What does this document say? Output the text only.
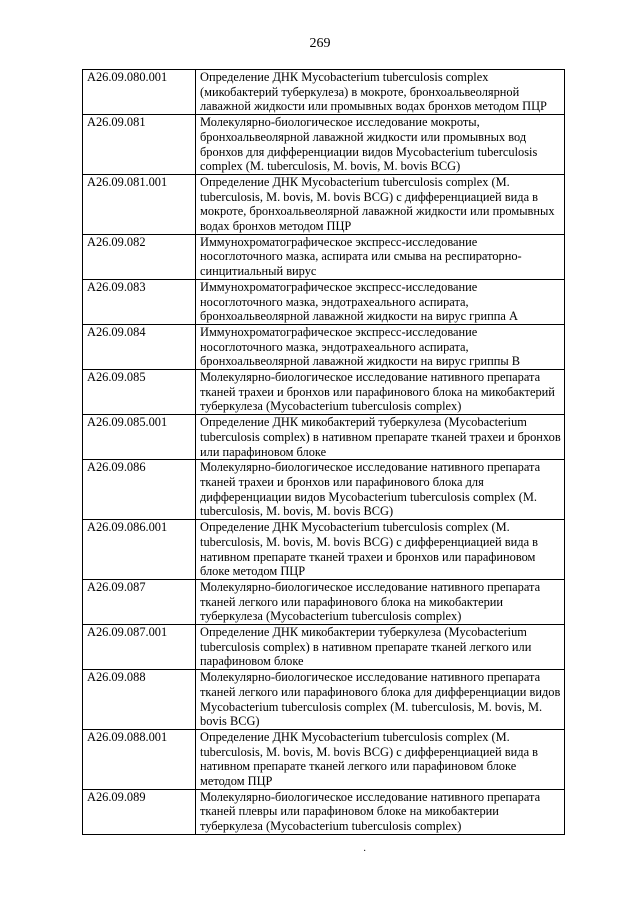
269
A26.09.080.001	Определение ДНК Mycobacterium tuberculosis complex (микобактерий туберкулеза) в мокроте, бронхоальвеолярной лаважной жидкости или промывных водах бронхов методом ПЦР
A26.09.081	Молекулярно-биологическое исследование мокроты, бронхоальвеолярной лаважной жидкости или промывных вод бронхов для дифференциации видов Mycobacterium tuberculosis complex (M. tuberculosis, M. bovis, M. bovis BCG)
A26.09.081.001	Определение ДНК Mycobacterium tuberculosis complex (M. tuberculosis, M. bovis, M. bovis BCG) с дифференциацией вида в мокроте, бронхоальвеолярной лаважной жидкости или промывных водах бронхов методом ПЦР
A26.09.082	Иммунохроматографическое экспресс-исследование носоглоточного мазка, аспирата или смыва на респираторно-синцитиальный вирус
A26.09.083	Иммунохроматографическое экспресс-исследование носоглоточного мазка, эндотрахеального аспирата, бронхоальвеолярной лаважной жидкости на вирус гриппа A
A26.09.084	Иммунохроматографическое экспресс-исследование носоглоточного мазка, эндотрахеального аспирата, бронхоальвеолярной лаважной жидкости на вирус гриппы B
A26.09.085	Молекулярно-биологическое исследование нативного препарата тканей трахеи и бронхов или парафинового блока на микобактерий туберкулеза (Mycobacterium tuberculosis complex)
A26.09.085.001	Определение ДНК микобактерий туберкулеза (Mycobacterium tuberculosis complex) в нативном препарате тканей трахеи и бронхов или парафиновом блоке
A26.09.086	Молекулярно-биологическое исследование нативного препарата тканей трахеи и бронхов или парафинового блока для дифференциации видов Mycobacterium tuberculosis complex (M. tuberculosis, M. bovis, M. bovis BCG)
A26.09.086.001	Определение ДНК Mycobacterium tuberculosis complex (M. tuberculosis, M. bovis, M. bovis BCG) с дифференциацией вида в нативном препарате тканей трахеи и бронхов или парафиновом блоке методом ПЦР
A26.09.087	Молекулярно-биологическое исследование нативного препарата тканей легкого или парафинового блока на микобактерии туберкулеза (Mycobacterium tuberculosis complex)
A26.09.087.001	Определение ДНК микобактерии туберкулеза (Mycobacterium tuberculosis complex) в нативном препарате тканей легкого или парафиновом блоке
A26.09.088	Молекулярно-биологическое исследование нативного препарата тканей легкого или парафинового блока для дифференциации видов Mycobacterium tuberculosis complex (M. tuberculosis, M. bovis, M. bovis BCG)
A26.09.088.001	Определение ДНК Mycobacterium tuberculosis complex (M. tuberculosis, M. bovis, M. bovis BCG) с дифференциацией вида в нативном препарате тканей легкого или парафиновом блоке методом ПЦР
A26.09.089	Молекулярно-биологическое исследование нативного препарата тканей плевры или парафиновом блоке на микобактерии туберкулеза (Mycobacterium tuberculosis complex)
·
